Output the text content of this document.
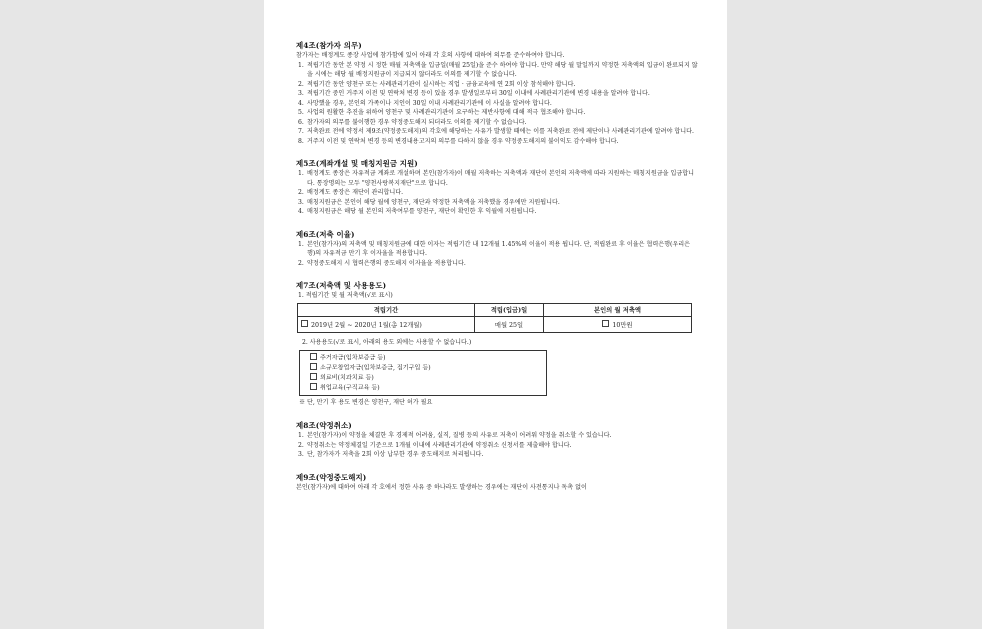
제4조(참가자 의무)

참가자는 배정계도 종장 사업에 참가함에 있어 아래 각 호의 사항에 대하여 의무를 준수하여야 합니다.

1. 적립기간 동안 본 약정 시 정한 매월 저축액을 입금일(매월 25일)을 준수 하여야 합니다. 만약 해당 월 말일까지 약정한 저축액의 입금이 완료되지 않을 시에는 해당 월 배정지원금이 지급되지 않더라도 이의를 제기할 수 없습니다.
2. 적립기간 동안 양천구 또는 사례관리기관이 실시하는 직업 · 금융교육에 연 2회 이상 참석해야 합니다.
3. 적립기간 중인 거주지 이전 및 연락처 변경 등이 있을 경우 발생일로부터 30일 이내에 사례관리기관에 변경 내용을 알려야 합니다.
4. 사망했을 경우, 본인의 가족이나 지인이 30일 이내 사례관리기관에 이 사실을 알려야 합니다.
5. 사업의 원활한 추진을 위하여 양천구 및 사례관리기관이 요구하는 제반사항에 대해 적극 협조해야 합니다.
6. 참가자의 의무를 불이행한 경우 약정중도해지 되더라도 이의를 제기할 수 없습니다.
7. 저축완료 전에 약정서 제9조(약정중도해지)의 각호에 해당하는 사유가 발생할 때에는 이를 저축완료 전에 제단이나 사례관리기관에 알려야 합니다.
8. 거주지 이전 및 연락처 변경 등의 변경내용고지의 의무를 다하지 않을 경우 약정중도해지의 불이익도 감수해야 합니다.

제5조(계좌개설 및 매칭지원금 지원)

1. 배정계도 종장은 자유적금 계좌로 개설하며 본인(참가자)이 매월 저축하는 저축액과 재단이 본인의 저축액에 따라 지원하는 매칭지원금을 입금합니다. 통장명의는 모두 "양천사랑복지재단"으로 합니다.
2. 배정계도 종장은 재단이 관리합니다.
3. 매칭지원금은 본인이 해당 월에 양천구, 재단과 약정한 저축액을 저축했을 경우에만 지원됩니다.
4. 매칭지원금은 해당 월 본인의 저축여부를 양천구, 재단이 확인한 후 익월에 지원됩니다.

제6조(저축 이율)

1. 본인(참가자)의 저축액 및 매칭지원금에 대한 이자는 적립기간 내 12개월 1.45%의 이율이 적용 됩니다. 단, 적립완료 후 이율은 협력은행(우리은행)의 자유적금 만기 후 이자율을 적용합니다.
2. 약정중도해지 시 협력은행의 중도해지 이자율을 적용합니다.

제7조(저축액 및 사용용도)

1. 적립기간 및 월 저축액(√로 표시)

적립기간	적립(입금)일	본인의 월 저축액
2019년 2월 ~ 2020년 1월(총 12개월)	매월 25일	10만원

2. 사용용도(√로 표시, 아래의 용도 외에는 사용할 수 없습니다.)

주거자금(임차보증금 등)
소규모창업자금(임차보증금, 집기구입 등)
의료비(치과치료 등)
취업교육(구직교육 등)

※ 단, 만기 후 용도 변경은 양천구, 재단 허가 필요

제8조(약정취소)

1. 본인(참가자)이 약정을 체결한 후 경제적 어려움, 실직, 질병 등의 사유로 저축이 어려워 약정을 취소할 수 있습니다.
2. 약정취소는 약정체결일 기준으로 1개월 이내에 사례관리기관에 약정취소 신청서를 제출해야 합니다.
3. 단, 참가자가 저축을 2회 이상 납부한 경우 중도해지로 처리됩니다.

제9조(약정중도해지)

본인(참가자)에 대하여 아래 각 호에서 정한 사유 중 하나라도 발생하는 경우에는 재단이 사전통지나 독촉 없이
